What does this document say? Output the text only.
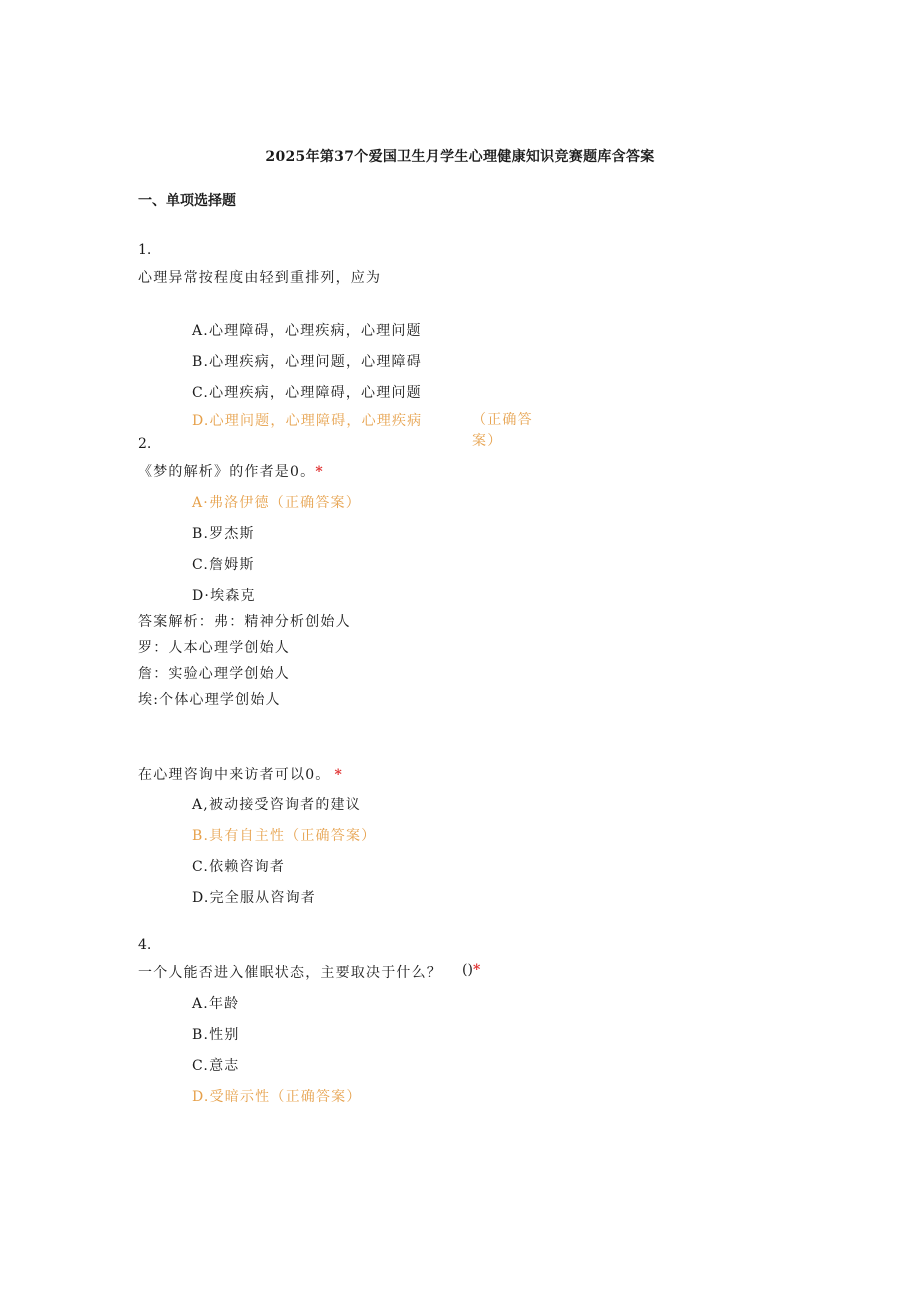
2025年第37个爱国卫生月学生心理健康知识竞赛题库含答案
一、单项选择题
1.
心理异常按程度由轻到重排列，应为
A.心理障碍，心理疾病，心理问题
B.心理疾病，心理问题，心理障碍
C.心理疾病，心理障碍，心理问题
D.心理问题，心理障碍，心理疾病	（正确答案）
2.
《梦的解析》的作者是0。*
A·弗洛伊德（正确答案）
B.罗杰斯
C.詹姆斯
D·埃森克
答案解析：弗：精神分析创始人
罗：人本心理学创始人
詹：实验心理学创始人
埃:个体心理学创始人
在心理咨询中来访者可以0。 *
A,被动接受咨询者的建议
B.具有自主性（正确答案）
C.依赖咨询者
D.完全服从咨询者
4.
一个人能否进入催眠状态，主要取决于什么？ ()*
A.年龄
B.性别
C.意志
D.受暗示性（正确答案）
